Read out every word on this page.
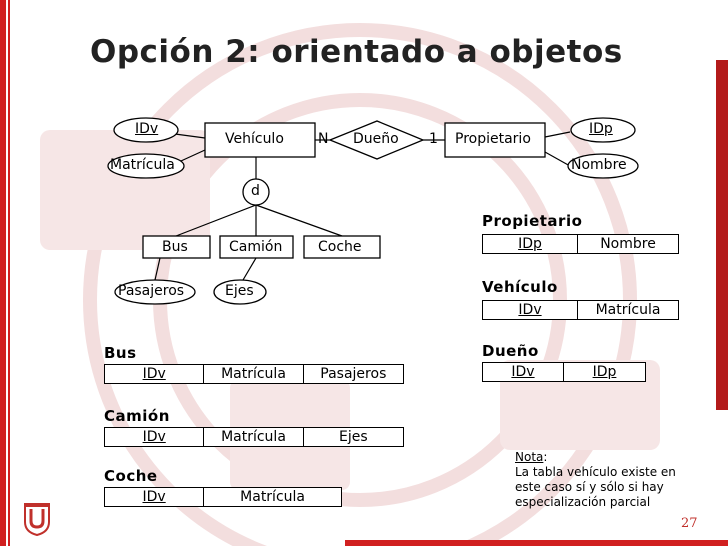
Opción 2: orientado a objetos
Vehículo	Propietario
Dueño
N	1
IDv
Matrícula
IDp
Nombre
d
Bus	Camión	Coche
Pasajeros	Ejes
Bus
IDv	Matrícula	Pasajeros
Camión
IDv	Matrícula	Ejes
Coche
IDv	Matrícula
Propietario
IDp	Nombre
Vehículo
IDv	Matrícula
Dueño
IDv	IDp
Nota:
La tabla vehículo existe en este caso sí y sólo si hay especialización parcial
27
